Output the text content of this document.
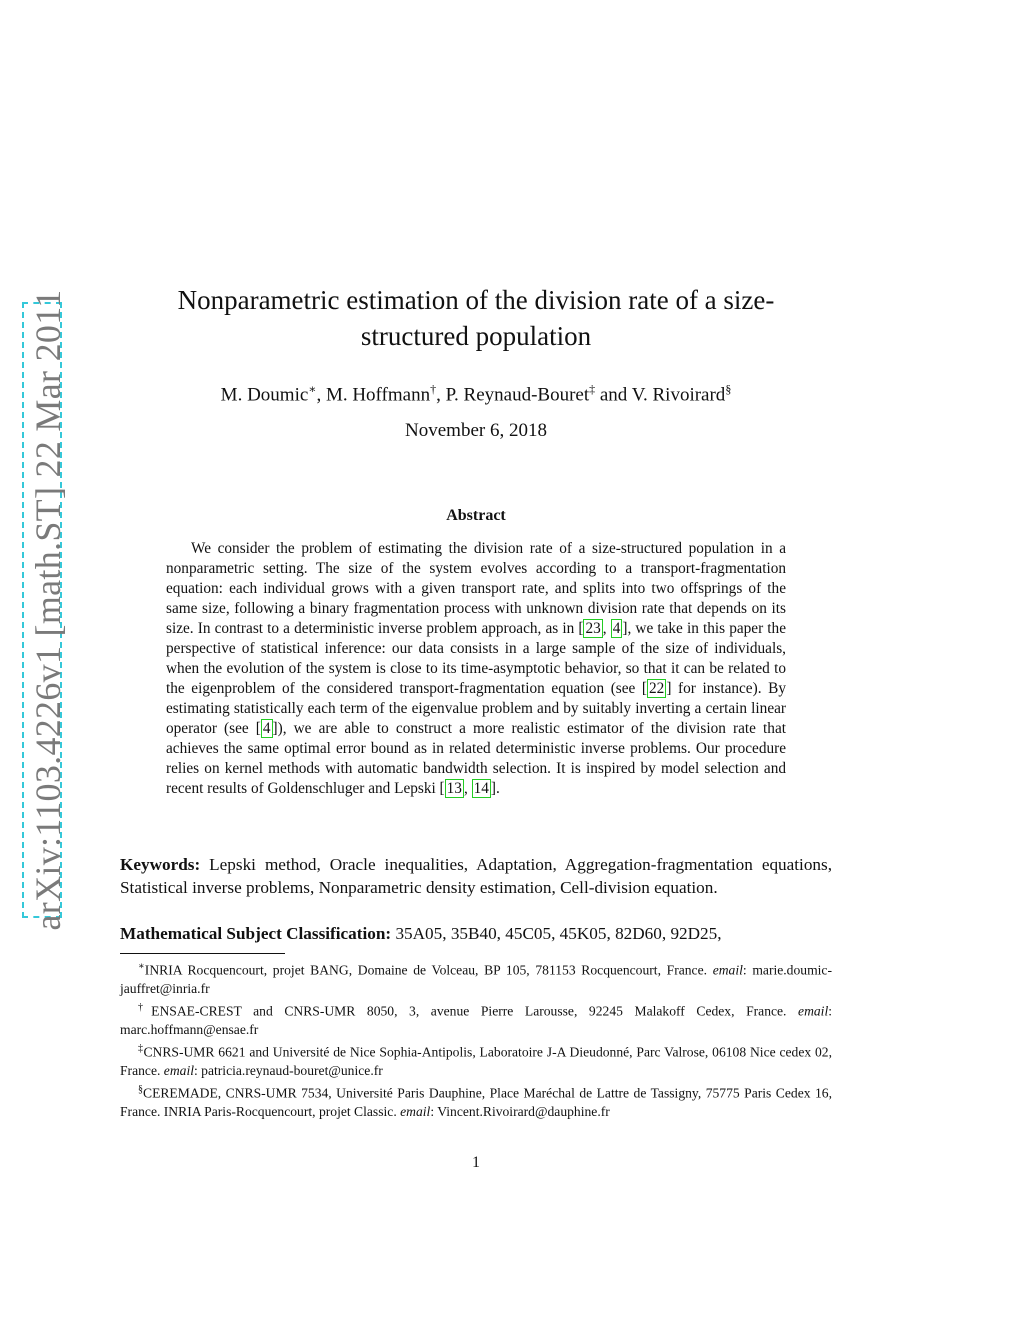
arXiv:1103.4226v1 [math.ST] 22 Mar 2011	Nonparametric estimation of the division rate of a size-structured population
M. Doumic∗, M. Hoffmann†, P. Reynaud-Bouret‡ and V. Rivoirard§
November 6, 2018
Abstract

We consider the problem of estimating the division rate of a size-structured population in a nonparametric setting. The size of the system evolves according to a transport-fragmentation equation: each individual grows with a given transport rate, and splits into two offsprings of the same size, following a binary fragmentation process with unknown division rate that depends on its size. In contrast to a deterministic inverse problem approach, as in [ 23 , 4 ], we take in this paper the perspective of statistical inference: our data consists in a large sample of the size of individuals, when the evolution of the system is close to its time-asymptotic behavior, so that it can be related to the eigenproblem of the considered transport-fragmentation equation (see [ 22 ] for instance). By estimating statistically each term of the eigenvalue problem and by suitably inverting a certain linear operator (see [ 4 ]), we are able to construct a more realistic estimator of the division rate that achieves the same optimal error bound as in related deterministic inverse problems. Our procedure relies on kernel methods with automatic bandwidth selection. It is inspired by model selection and recent results of Goldenschluger and Lepski [ 13 , 14 ].

Keywords: Lepski method, Oracle inequalities, Adaptation, Aggregation-fragmentation equations, Statistical inverse problems, Nonparametric density estimation, Cell-division equation.

Mathematical Subject Classification: 35A05, 35B40, 45C05, 45K05, 82D60, 92D25,

∗INRIA Rocquencourt, projet BANG, Domaine de Volceau, BP 105, 781153 Rocquencourt, France. email: marie.doumic-jauffret@inria.fr

†ENSAE-CREST and CNRS-UMR 8050, 3, avenue Pierre Larousse, 92245 Malakoff Cedex, France. email: marc.hoffmann@ensae.fr

‡CNRS-UMR 6621 and Université de Nice Sophia-Antipolis, Laboratoire J-A Dieudonné, Parc Valrose, 06108 Nice cedex 02, France. email: patricia.reynaud-bouret@unice.fr

§CEREMADE, CNRS-UMR 7534, Université Paris Dauphine, Place Maréchal de Lattre de Tassigny, 75775 Paris Cedex 16, France. INRIA Paris-Rocquencourt, projet Classic. email: Vincent.Rivoirard@dauphine.fr

1
